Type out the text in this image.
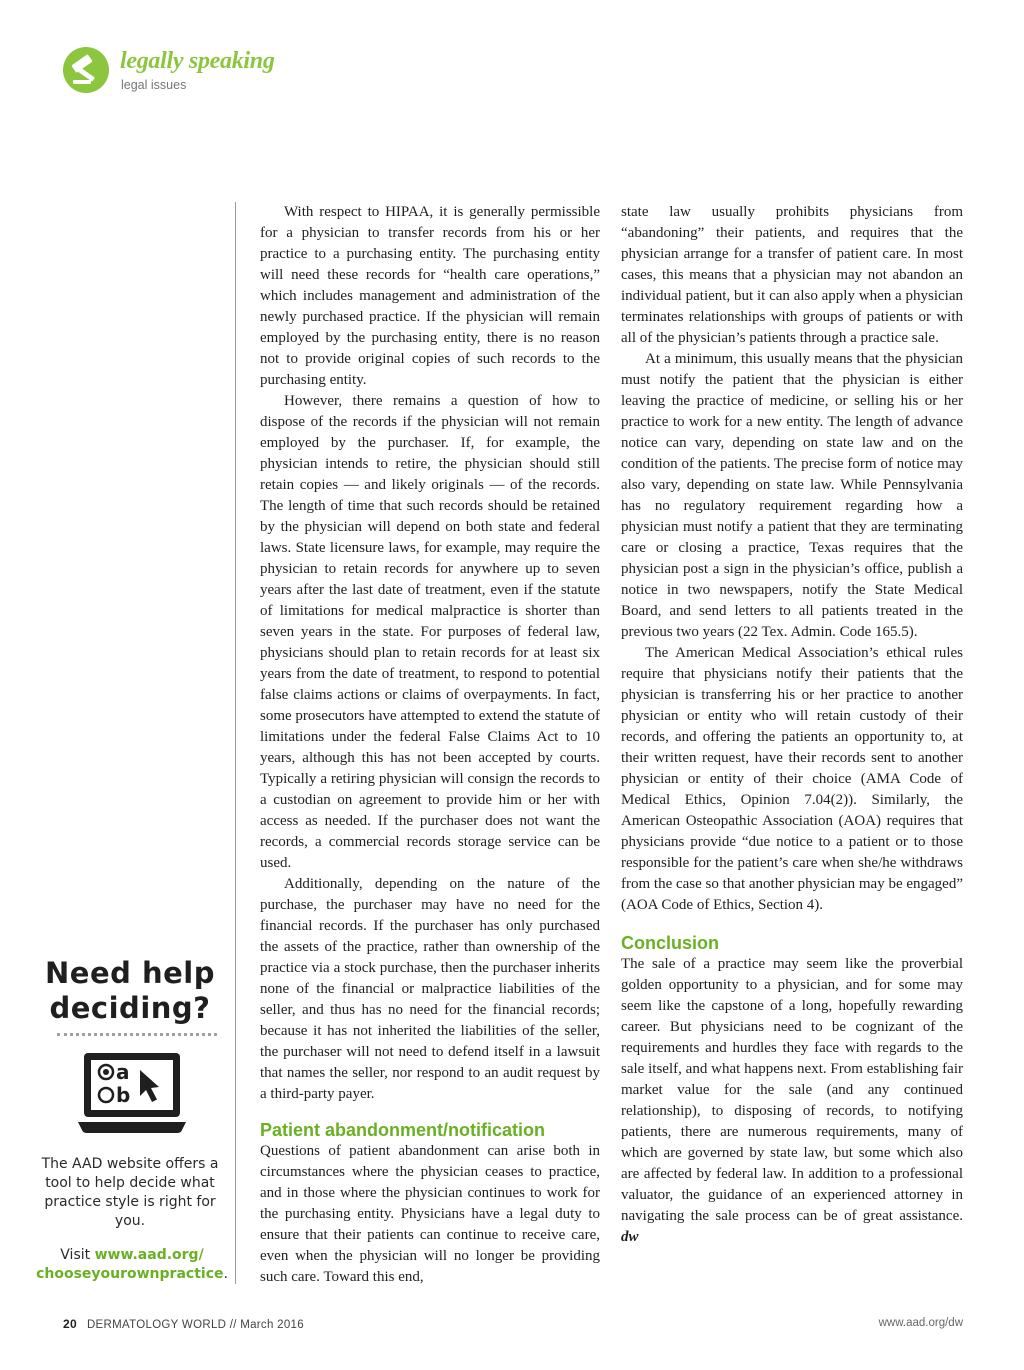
legally speaking
legal issues
Need help deciding?
a
b
The AAD website offers a tool to help decide what practice style is right for you.
Visit www.aad.org/
chooseyourownpractice.

With respect to HIPAA, it is generally permissible for a physician to transfer records from his or her practice to a purchasing entity. The purchasing entity will need these records for “health care operations,” which includes management and administration of the newly purchased practice. If the physician will remain employed by the purchasing entity, there is no reason not to provide original copies of such records to the purchasing entity.

However, there remains a question of how to dispose of the records if the physician will not remain employed by the purchaser. If, for example, the physician intends to retire, the physician should still retain copies — and likely originals — of the records. The length of time that such records should be retained by the physician will depend on both state and federal laws. State licensure laws, for example, may require the physician to retain records for anywhere up to seven years after the last date of treatment, even if the statute of limitations for medical malpractice is shorter than seven years in the state. For purposes of federal law, physicians should plan to retain records for at least six years from the date of treatment, to respond to potential false claims actions or claims of overpayments. In fact, some prosecutors have attempted to extend the statute of limitations under the federal False Claims Act to 10 years, although this has not been accepted by courts. Typically a retiring physician will consign the records to a custodian on agreement to provide him or her with access as needed. If the purchaser does not want the records, a commercial records storage service can be used.

Additionally, depending on the nature of the purchase, the purchaser may have no need for the financial records. If the purchaser has only purchased the assets of the practice, rather than ownership of the practice via a stock purchase, then the purchaser inherits none of the financial or malpractice liabilities of the seller, and thus has no need for the financial records; because it has not inherited the liabilities of the seller, the purchaser will not need to defend itself in a lawsuit that names the seller, nor respond to an audit request by a third-party payer.

Patient abandonment/notification

Questions of patient abandonment can arise both in circumstances where the physician ceases to practice, and in those where the physician continues to work for the purchasing entity. Physicians have a legal duty to ensure that their patients can continue to receive care, even when the physician will no longer be providing such care. Toward this end,

state law usually prohibits physicians from “abandoning” their patients, and requires that the physician arrange for a transfer of patient care. In most cases, this means that a physician may not abandon an individual patient, but it can also apply when a physician terminates relationships with groups of patients or with all of the physician’s patients through a practice sale.

At a minimum, this usually means that the physician must notify the patient that the physician is either leaving the practice of medicine, or selling his or her practice to work for a new entity. The length of advance notice can vary, depending on state law and on the condition of the patients. The precise form of notice may also vary, depending on state law. While Pennsylvania has no regulatory requirement regarding how a physician must notify a patient that they are terminating care or closing a practice, Texas requires that the physician post a sign in the physician’s office, publish a notice in two newspapers, notify the State Medical Board, and send letters to all patients treated in the previous two years (22 Tex. Admin. Code 165.5).

The American Medical Association’s ethical rules require that physicians notify their patients that the physician is transferring his or her practice to another physician or entity who will retain custody of their records, and offering the patients an opportunity to, at their written request, have their records sent to another physician or entity of their choice (AMA Code of Medical Ethics, Opinion 7.04(2)). Similarly, the American Osteopathic Association (AOA) requires that physicians provide “due notice to a patient or to those responsible for the patient’s care when she/he withdraws from the case so that another physician may be engaged” (AOA Code of Ethics, Section 4).

Conclusion

The sale of a practice may seem like the proverbial golden opportunity to a physician, and for some may seem like the capstone of a long, hopefully rewarding career. But physicians need to be cognizant of the requirements and hurdles they face with regards to the sale itself, and what happens next. From establishing fair market value for the sale (and any continued relationship), to disposing of records, to notifying patients, there are numerous requirements, many of which are governed by state law, but some which also are affected by federal law. In addition to a professional valuator, the guidance of an experienced attorney in navigating the sale process can be of great assistance. dw

20 DERMATOLOGY WORLD // March 2016	www.aad.org/dw
